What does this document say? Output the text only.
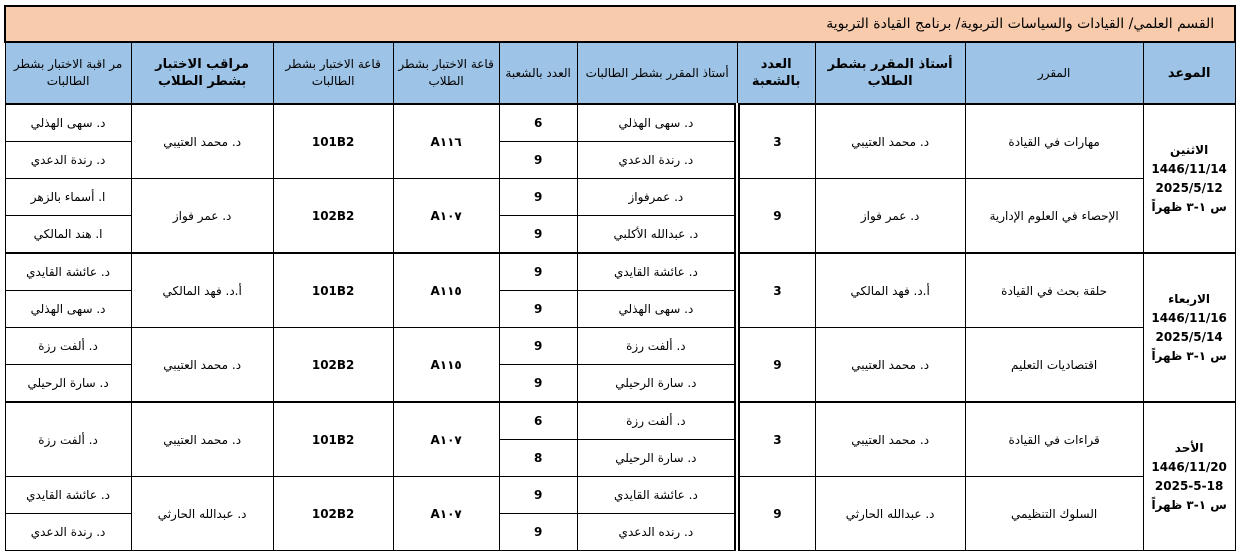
القسم العلمي/ القيادات والسياسات التربوية/ برنامج القيادة التربوية									
الموعد	المقرر	أستاذ المقرر بشطر الطلاب	العدد بالشعبة	أستاذ المقرر بشطر الطالبات	العدد بالشعبة	قاعة الاختبار بشطر الطلاب	قاعة الاختبار بشطر الطالبات	مراقب الاختبار بشطر الطلاب	مر اقبة الاختبار بشطر الطالبات

الاثنين
1446/11/14
2025/5/12
س ١-٣ ظهراً	مهارات في القيادة	د. محمد العتيبي	3	د. سهى الهذلي	6	A١١٦	101B2	د. محمد العتيبي	د. سهى الهذلي
				د. رندة الدعدي	9				د. رندة الدعدي
	الإحصاء في العلوم الإدارية	د. عمر فواز	9	د. عمرفواز	9	A١٠٧	102B2	د. عمر فواز	ا. أسماء بالزهر
				د. عبدالله الأكلبي	9				ا. هند المالكي

الاربعاء
1446/11/16
2025/5/14
س ١-٣ ظهراً	حلقة بحث في القيادة	أ.د. فهد المالكي	3	د. عائشة القايدي	9	A١١٥	101B2	أ.د. فهد المالكي	د. عائشة القايدي
				د. سهى الهذلي	9				د. سهى الهذلي
	اقتصاديات التعليم	د. محمد العتيبي	9	د. ألفت رزة	9	A١١٥	102B2	د. محمد العتيبي	د. ألفت رزة
				د. سارة الرحيلي	9				د. سارة الرحيلي

الأحد
1446/11/20
2025-5-18
س ١-٣ ظهراً	قراءات في القيادة	د. محمد العتيبي	3	د. ألفت رزة	6	A١٠٧	101B2	د. محمد العتيبي	د. ألفت رزة
				د. سارة الرحيلي	8				
	السلوك التنظيمي	د. عبدالله الحارثي	9	د. عائشة القايدي	9	A١٠٧	102B2	د. عبدالله الحارثي	د. عائشة القايدي
				د. رنده الدعدي	9				د. رندة الدعدي
